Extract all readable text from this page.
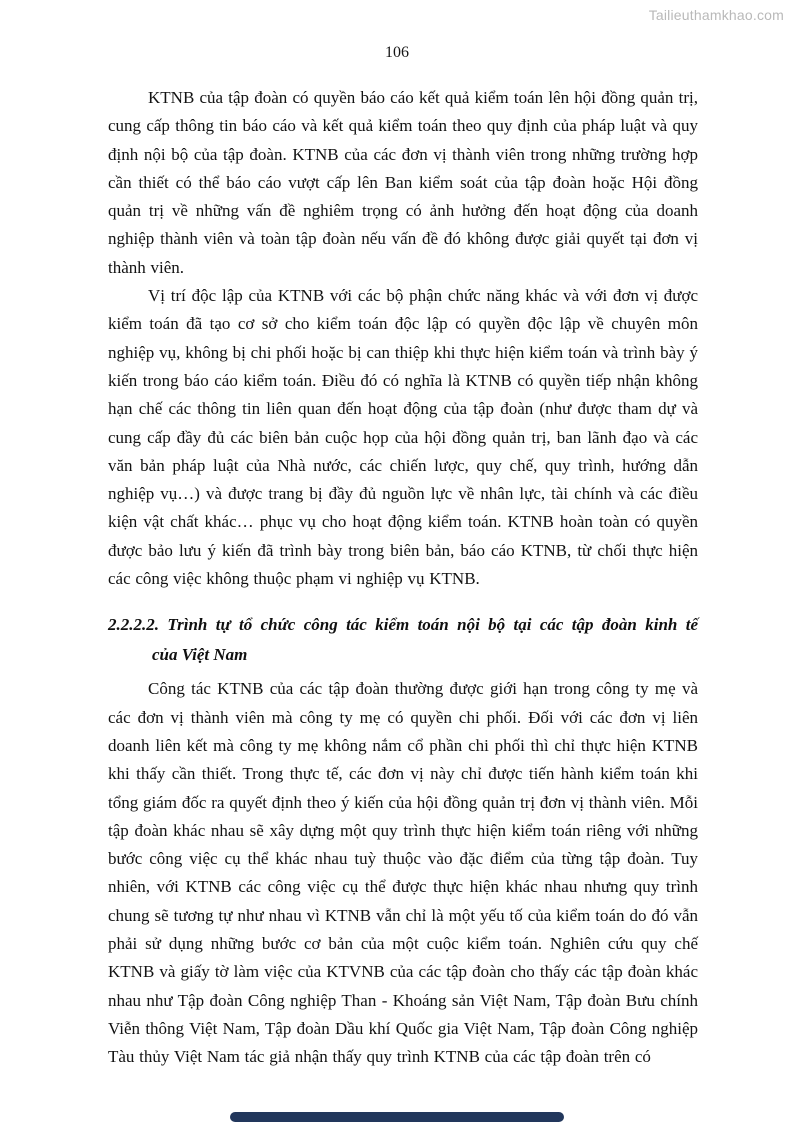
Tailieuthamkhao.com
106

KTNB của tập đoàn có quyền báo cáo kết quả kiểm toán lên hội đồng quản trị, cung cấp thông tin báo cáo và kết quả kiểm toán theo quy định của pháp luật và quy định nội bộ của tập đoàn. KTNB của các đơn vị thành viên trong những trường hợp cần thiết có thể báo cáo vượt cấp lên Ban kiểm soát của tập đoàn hoặc Hội đồng quản trị về những vấn đề nghiêm trọng có ảnh hưởng đến hoạt động của doanh nghiệp thành viên và toàn tập đoàn nếu vấn đề đó không được giải quyết tại đơn vị thành viên.

Vị trí độc lập của KTNB với các bộ phận chức năng khác và với đơn vị được kiểm toán đã tạo cơ sở cho kiểm toán độc lập có quyền độc lập về chuyên môn nghiệp vụ, không bị chi phối hoặc bị can thiệp khi thực hiện kiểm toán và trình bày ý kiến trong báo cáo kiểm toán. Điều đó có nghĩa là KTNB có quyền tiếp nhận không hạn chế các thông tin liên quan đến hoạt động của tập đoàn (như được tham dự và cung cấp đầy đủ các biên bản cuộc họp của hội đồng quản trị, ban lãnh đạo và các văn bản pháp luật của Nhà nước, các chiến lược, quy chế, quy trình, hướng dẫn nghiệp vụ…) và được trang bị đầy đủ nguồn lực về nhân lực, tài chính và các điều kiện vật chất khác… phục vụ cho hoạt động kiểm toán. KTNB hoàn toàn có quyền được bảo lưu ý kiến đã trình bày trong biên bản, báo cáo KTNB, từ chối thực hiện các công việc không thuộc phạm vi nghiệp vụ KTNB.

2.2.2.2. Trình tự tổ chức công tác kiểm toán nội bộ tại các tập đoàn kinh tế
của Việt Nam

Công tác KTNB của các tập đoàn thường được giới hạn trong công ty mẹ và các đơn vị thành viên mà công ty mẹ có quyền chi phối. Đối với các đơn vị liên doanh liên kết mà công ty mẹ không nắm cổ phần chi phối thì chỉ thực hiện KTNB khi thấy cần thiết. Trong thực tế, các đơn vị này chỉ được tiến hành kiểm toán khi tổng giám đốc ra quyết định theo ý kiến của hội đồng quản trị đơn vị thành viên. Mỗi tập đoàn khác nhau sẽ xây dựng một quy trình thực hiện kiểm toán riêng với những bước công việc cụ thể khác nhau tuỳ thuộc vào đặc điểm của từng tập đoàn. Tuy nhiên, với KTNB các công việc cụ thể được thực hiện khác nhau nhưng quy trình chung sẽ tương tự như nhau vì KTNB vẫn chỉ là một yếu tố của kiểm toán do đó vẫn phải sử dụng những bước cơ bản của một cuộc kiểm toán. Nghiên cứu quy chế KTNB và giấy tờ làm việc của KTVNB của các tập đoàn cho thấy các tập đoàn khác nhau như Tập đoàn Công nghiệp Than - Khoáng sản Việt Nam, Tập đoàn Bưu chính Viễn thông Việt Nam, Tập đoàn Dầu khí Quốc gia Việt Nam, Tập đoàn Công nghiệp Tàu thủy Việt Nam tác giả nhận thấy quy trình KTNB của các tập đoàn trên có
